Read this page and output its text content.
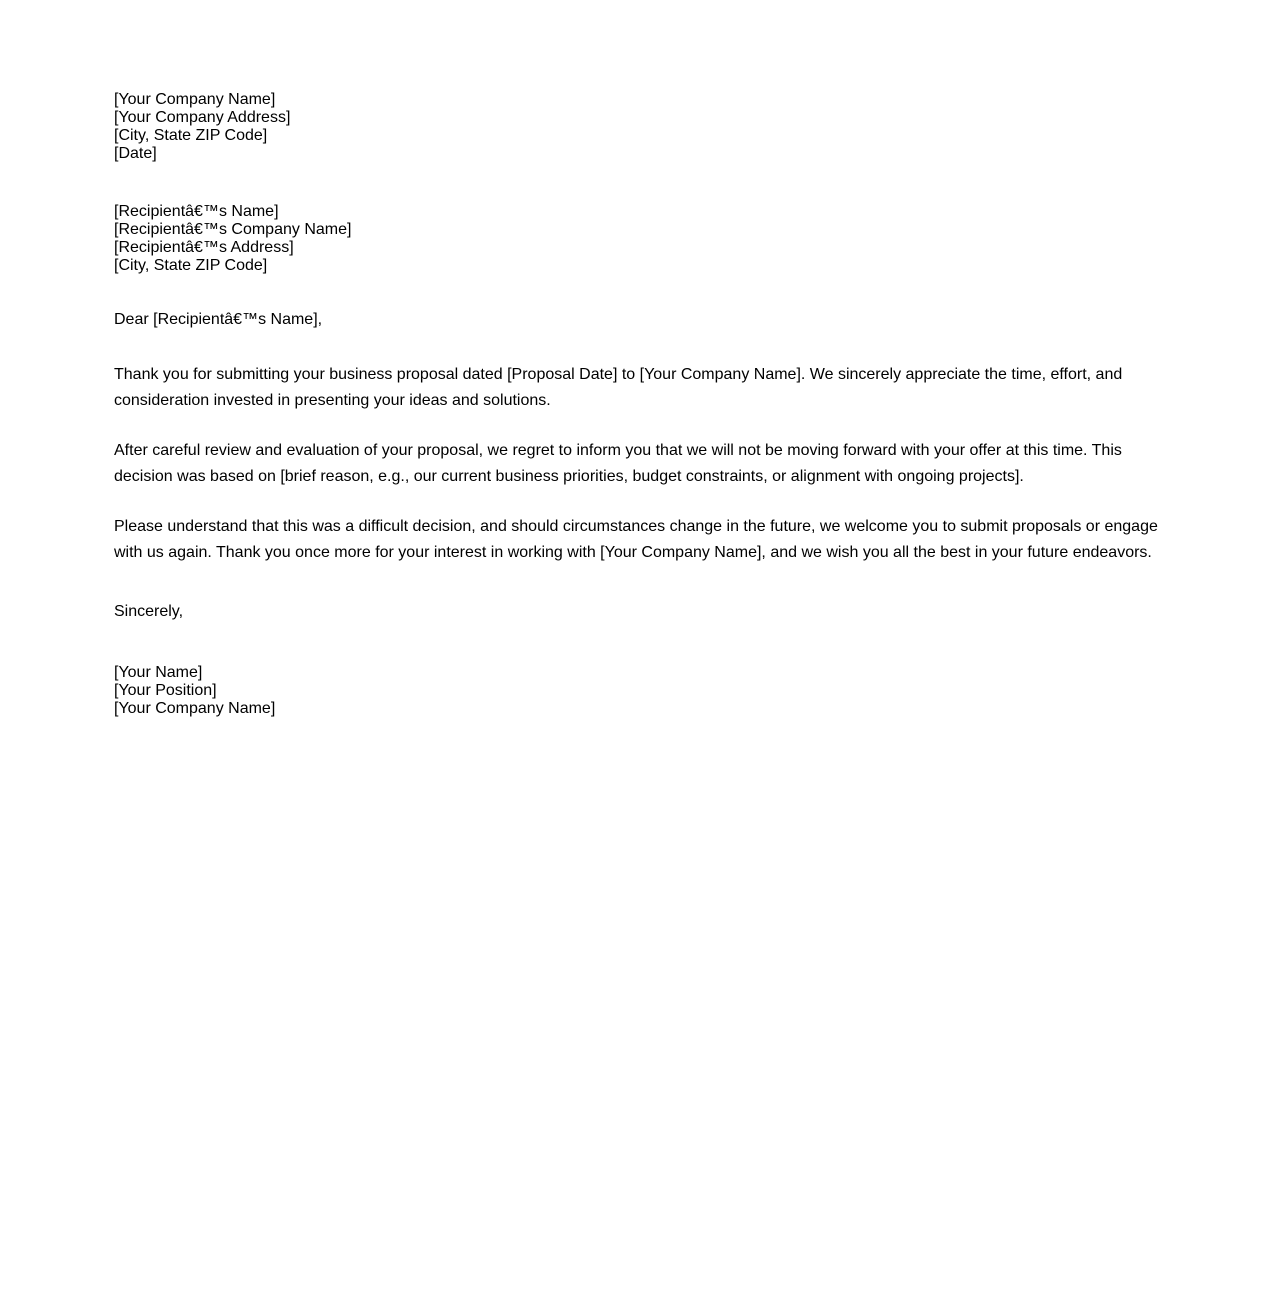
[Your Company Name]
[Your Company Address]
[City, State ZIP Code]
[Date]
[Recipientâ€™s Name]
[Recipientâ€™s Company Name]
[Recipientâ€™s Address]
[City, State ZIP Code]
Dear [Recipientâ€™s Name],

Thank you for submitting your business proposal dated [Proposal Date] to [Your Company Name]. We sincerely appreciate the time, effort, and consideration invested in presenting your ideas and solutions.

After careful review and evaluation of your proposal, we regret to inform you that we will not be moving forward with your offer at this time. This decision was based on [brief reason, e.g., our current business priorities, budget constraints, or alignment with ongoing projects].

Please understand that this was a difficult decision, and should circumstances change in the future, we welcome you to submit proposals or engage with us again. Thank you once more for your interest in working with [Your Company Name], and we wish you all the best in your future endeavors.

Sincerely,
[Your Name]
[Your Position]
[Your Company Name]
